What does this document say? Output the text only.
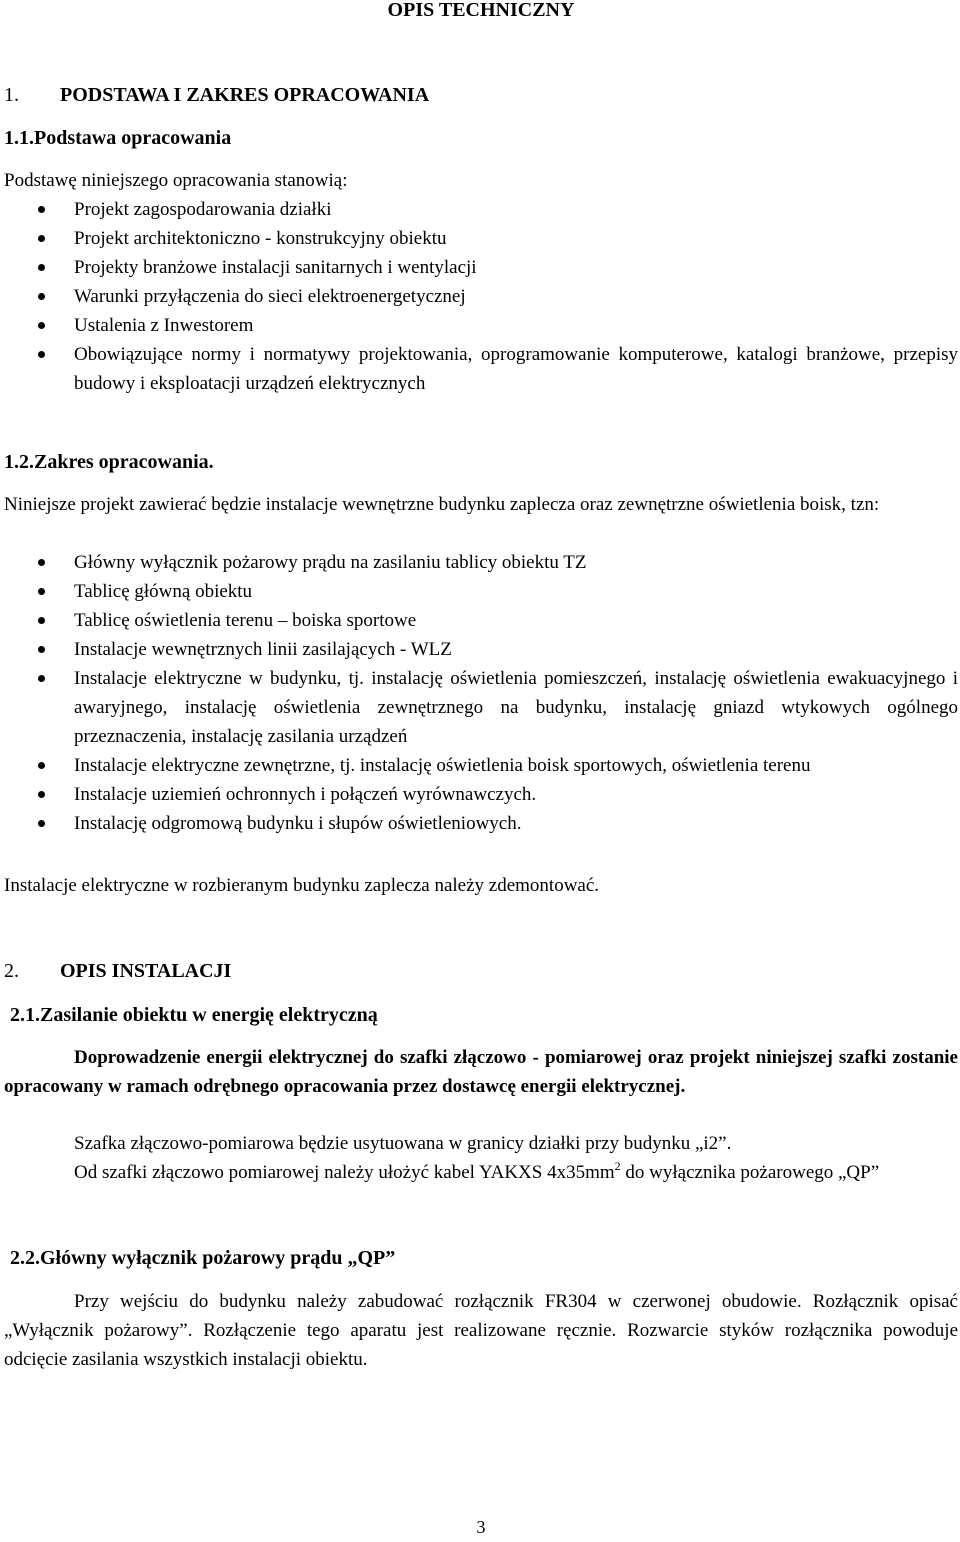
OPIS TECHNICZNY
1. PODSTAWA I ZAKRES OPRACOWANIA
1.1.Podstawa opracowania
Podstawę niniejszego opracowania stanowią:
Projekt zagospodarowania działki
Projekt architektoniczno - konstrukcyjny obiektu
Projekty branżowe instalacji sanitarnych i wentylacji
Warunki przyłączenia do sieci elektroenergetycznej
Ustalenia z Inwestorem
Obowiązujące normy i normatywy projektowania, oprogramowanie komputerowe, katalogi branżowe, przepisy budowy i eksploatacji urządzeń elektrycznych
1.2.Zakres opracowania.
Niniejsze projekt zawierać będzie instalacje wewnętrzne budynku zaplecza oraz zewnętrzne oświetlenia boisk, tzn:
Główny wyłącznik pożarowy prądu na zasilaniu tablicy obiektu TZ
Tablicę główną obiektu
Tablicę oświetlenia terenu – boiska sportowe
Instalacje wewnętrznych linii zasilających - WLZ
Instalacje elektryczne w budynku, tj. instalację oświetlenia pomieszczeń, instalację oświetlenia ewakuacyjnego i awaryjnego, instalację oświetlenia zewnętrznego na budynku, instalację gniazd wtykowych ogólnego przeznaczenia, instalację zasilania urządzeń
Instalacje elektryczne zewnętrzne, tj. instalację oświetlenia boisk sportowych, oświetlenia terenu
Instalacje uziemień ochronnych i połączeń wyrównawczych.
Instalację odgromową budynku i słupów oświetleniowych.
Instalacje elektryczne w rozbieranym budynku zaplecza należy zdemontować.
2. OPIS INSTALACJI
2.1.Zasilanie obiektu w energię elektryczną
Doprowadzenie energii elektrycznej do szafki złączowo - pomiarowej oraz projekt niniejszej szafki zostanie opracowany w ramach odrębnego opracowania przez dostawcę energii elektrycznej.
Szafka złączowo-pomiarowa będzie usytuowana w granicy działki przy budynku „i2”.
Od szafki złączowo pomiarowej należy ułożyć kabel YAKXS $4x35mm^2$ do wyłącznika pożarowego „QP”
2.2.Główny wyłącznik pożarowy prądu „QP”
Przy wejściu do budynku należy zabudować rozłącznik FR304 w czerwonej obudowie. Rozłącznik opisać „Wyłącznik pożarowy”. Rozłączenie tego aparatu jest realizowane ręcznie. Rozwarcie styków rozłącznika powoduje odcięcie zasilania wszystkich instalacji obiektu.
3
